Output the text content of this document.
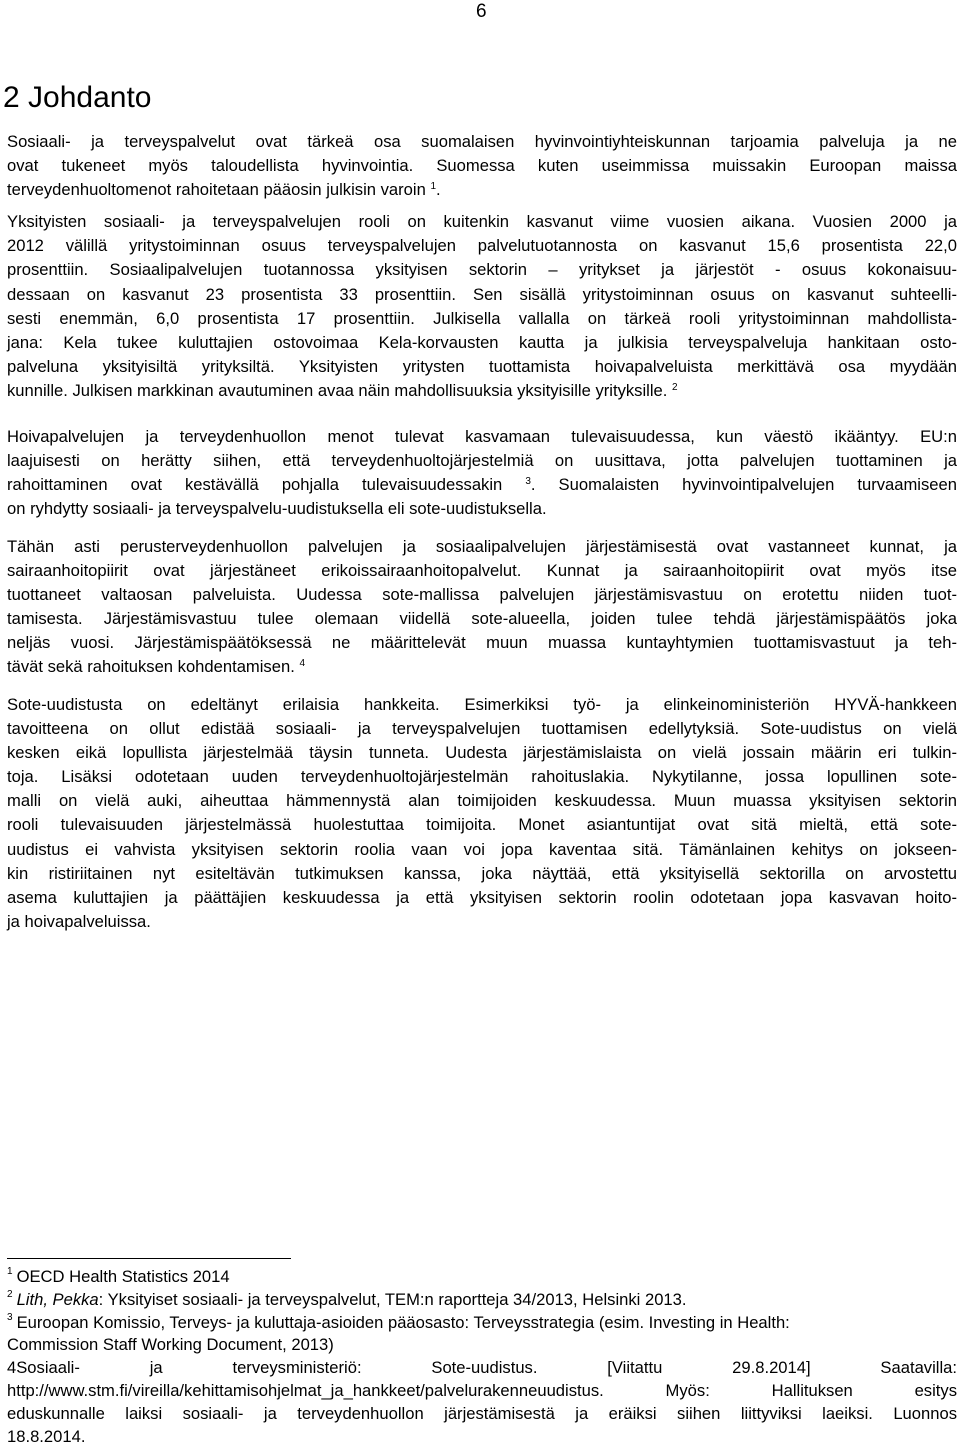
6
2 Johdanto
Sosiaali- ja terveyspalvelut ovat tärkeä osa suomalaisen hyvinvointiyhteiskunnan tarjoamia palveluja ja ne
ovat tukeneet myös taloudellista hyvinvointia. Suomessa kuten useimmissa muissakin Euroopan maissa
terveydenhuoltomenot rahoitetaan pääosin julkisin varoin $^1$.
Yksityisten sosiaali- ja terveyspalvelujen rooli on kuitenkin kasvanut viime vuosien aikana. Vuosien 2000 ja
2012 välillä yritystoiminnan osuus terveyspalvelujen palvelutuotannosta on kasvanut 15,6 prosentista 22,0
prosenttiin. Sosiaalipalvelujen tuotannossa yksityisen sektorin – yritykset ja järjestöt - osuus kokonaisuu-
dessaan on kasvanut 23 prosentista 33 prosenttiin. Sen sisällä yritystoiminnan osuus on kasvanut suhteelli-
sesti enemmän, 6,0 prosentista 17 prosenttiin. Julkisella vallalla on tärkeä rooli yritystoiminnan mahdollista-
jana: Kela tukee kuluttajien ostovoimaa Kela-korvausten kautta ja julkisia terveyspalveluja hankitaan osto-
palveluna yksityisiltä yrityksiltä. Yksityisten yritysten tuottamista hoivapalveluista merkittävä osa myydään
kunnille. Julkisen markkinan avautuminen avaa näin mahdollisuuksia yksityisille yrityksille. $^2$
Hoivapalvelujen ja terveydenhuollon menot tulevat kasvamaan tulevaisuudessa, kun väestö ikääntyy. EU:n
laajuisesti on herätty siihen, että terveydenhuoltojärjestelmiä on uusittava, jotta palvelujen tuottaminen ja
rahoittaminen ovat kestävällä pohjalla tulevaisuudessakin $^3$. Suomalaisten hyvinvointipalvelujen turvaamiseen
on ryhdytty sosiaali- ja terveyspalvelu-uudistuksella eli sote-uudistuksella.
Tähän asti perusterveydenhuollon palvelujen ja sosiaalipalvelujen järjestämisestä ovat vastanneet kunnat, ja
sairaanhoitopiirit ovat järjestäneet erikoissairaanhoitopalvelut. Kunnat ja sairaanhoitopiirit ovat myös itse
tuottaneet valtaosan palveluista. Uudessa sote-mallissa palvelujen järjestämisvastuu on erotettu niiden tuot-
tamisesta. Järjestämisvastuu tulee olemaan viidellä sote-alueella, joiden tulee tehdä järjestämispäätös joka
neljäs vuosi. Järjestämispäätöksessä ne määrittelevät muun muassa kuntayhtymien tuottamisvastuut ja teh-
tävät sekä rahoituksen kohdentamisen. $^4$
Sote-uudistusta on edeltänyt erilaisia hankkeita. Esimerkiksi työ- ja elinkeinoministeriön HYVÄ-hankkeen
tavoitteena on ollut edistää sosiaali- ja terveyspalvelujen tuottamisen edellytyksiä. Sote-uudistus on vielä
kesken eikä lopullista järjestelmää täysin tunneta. Uudesta järjestämislaista on vielä jossain määrin eri tulkin-
toja. Lisäksi odotetaan uuden terveydenhuoltojärjestelmän rahoituslakia. Nykytilanne, jossa lopullinen sote-
malli on vielä auki, aiheuttaa hämmennystä alan toimijoiden keskuudessa. Muun muassa yksityisen sektorin
rooli tulevaisuuden järjestelmässä huolestuttaa toimijoita. Monet asiantuntijat ovat sitä mieltä, että sote-
uudistus ei vahvista yksityisen sektorin roolia vaan voi jopa kaventaa sitä. Tämänlainen kehitys on jokseen-
kin ristiriitainen nyt esiteltävän tutkimuksen kanssa, joka näyttää, että yksityisellä sektorilla on arvostettu
asema kuluttajien ja päättäjien keskuudessa ja että yksityisen sektorin roolin odotetaan jopa kasvavan hoito-
ja hoivapalveluissa.
$^1$ OECD Health Statistics 2014
$^2$ Lith, Pekka: Yksityiset sosiaali- ja terveyspalvelut, TEM:n raportteja 34/2013, Helsinki 2013.
$^3$ Euroopan Komissio, Terveys- ja kuluttaja-asioiden pääosasto: Terveysstrategia (esim. Investing in Health:
Commission Staff Working Document, 2013)
4Sosiaali- ja terveysministeriö: Sote-uudistus. [Viitattu 29.8.2014] Saatavilla:
http://www.stm.fi/vireilla/kehittamisohjelmat_ja_hankkeet/palvelurakenneuudistus. Myös: Hallituksen esitys
eduskunnalle laiksi sosiaali- ja terveydenhuollon järjestämisestä ja eräiksi siihen liittyviksi laeiksi. Luonnos
18.8.2014.
